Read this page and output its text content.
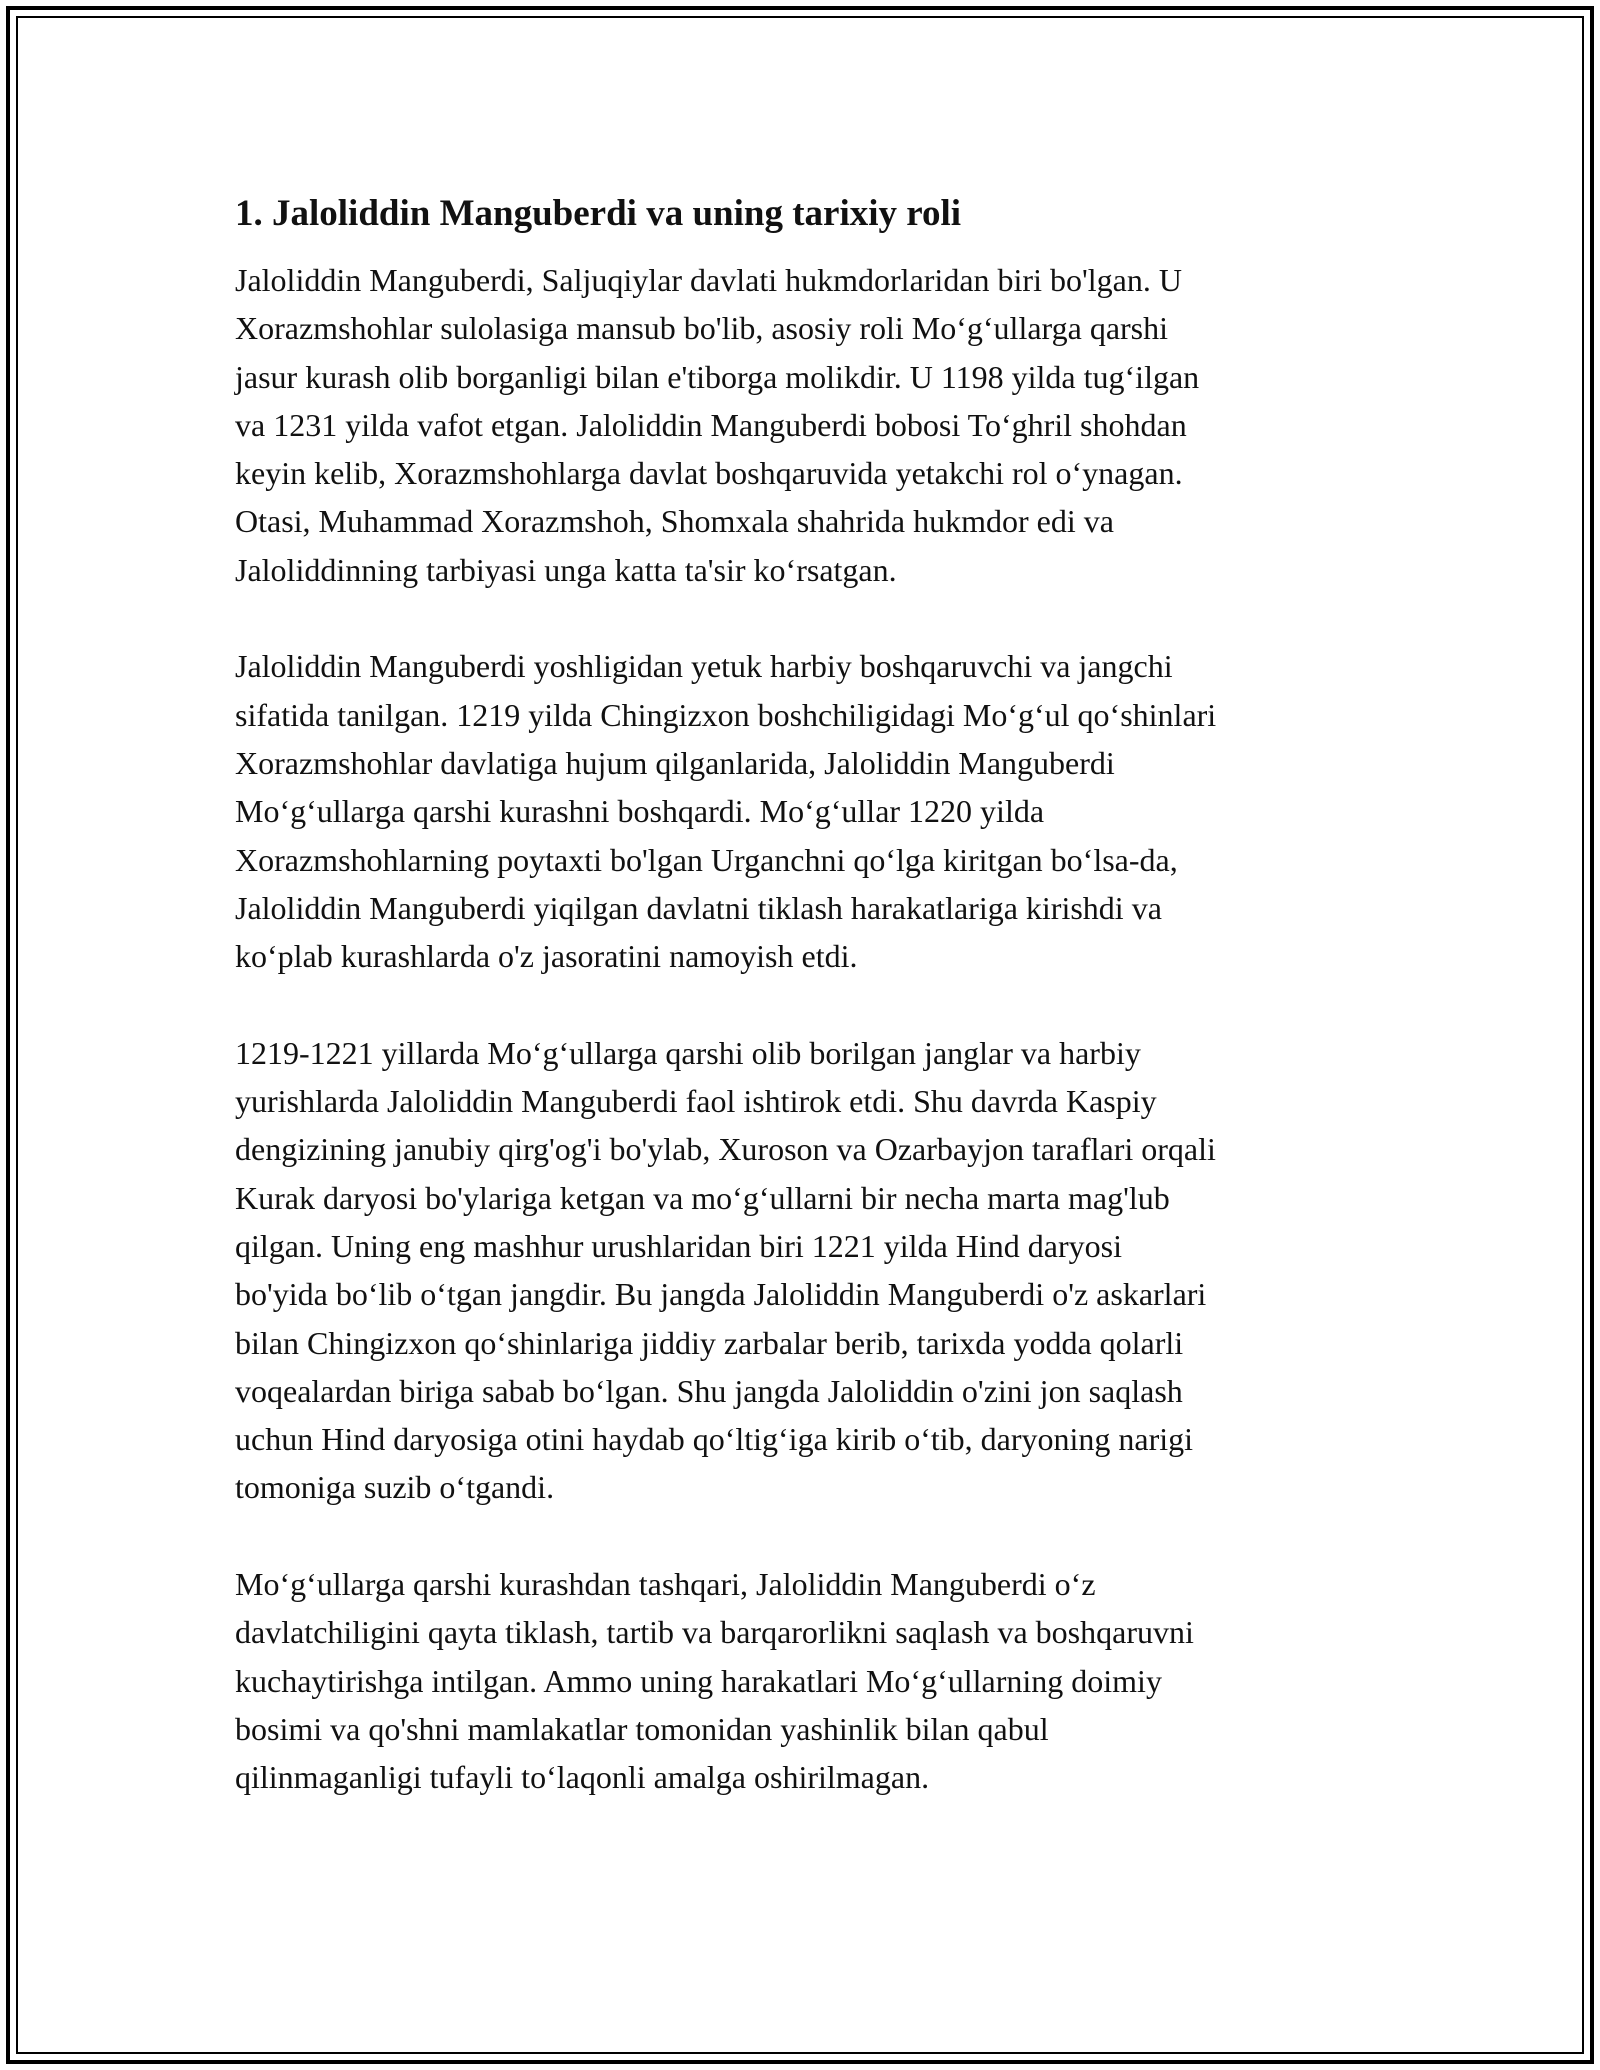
1. Jaloliddin Manguberdi va uning tarixiy roli

Jaloliddin Manguberdi, Saljuqiylar davlati hukmdorlaridan biri bo'lgan. U
Xorazmshohlar sulolasiga mansub bo'lib, asosiy roli Mo‘g‘ullarga qarshi
jasur kurash olib borganligi bilan e'tiborga molikdir. U 1198 yilda tug‘ilgan
va 1231 yilda vafot etgan. Jaloliddin Manguberdi bobosi To‘ghril shohdan
keyin kelib, Xorazmshohlarga davlat boshqaruvida yetakchi rol o‘ynagan.
Otasi, Muhammad Xorazmshoh, Shomxala shahrida hukmdor edi va
Jaloliddinning tarbiyasi unga katta ta'sir ko‘rsatgan.

Jaloliddin Manguberdi yoshligidan yetuk harbiy boshqaruvchi va jangchi
sifatida tanilgan. 1219 yilda Chingizxon boshchiligidagi Mo‘g‘ul qo‘shinlari
Xorazmshohlar davlatiga hujum qilganlarida, Jaloliddin Manguberdi
Mo‘g‘ullarga qarshi kurashni boshqardi. Mo‘g‘ullar 1220 yilda
Xorazmshohlarning poytaxti bo'lgan Urganchni qo‘lga kiritgan bo‘lsa-da,
Jaloliddin Manguberdi yiqilgan davlatni tiklash harakatlariga kirishdi va
ko‘plab kurashlarda o'z jasoratini namoyish etdi.

1219-1221 yillarda Mo‘g‘ullarga qarshi olib borilgan janglar va harbiy
yurishlarda Jaloliddin Manguberdi faol ishtirok etdi. Shu davrda Kaspiy
dengizining janubiy qirg'og'i bo'ylab, Xuroson va Ozarbayjon taraflari orqali
Kurak daryosi bo'ylariga ketgan va mo‘g‘ullarni bir necha marta mag'lub
qilgan. Uning eng mashhur urushlaridan biri 1221 yilda Hind daryosi
bo'yida bo‘lib o‘tgan jangdir. Bu jangda Jaloliddin Manguberdi o'z askarlari
bilan Chingizxon qo‘shinlariga jiddiy zarbalar berib, tarixda yodda qolarli
voqealardan biriga sabab bo‘lgan. Shu jangda Jaloliddin o'zini jon saqlash
uchun Hind daryosiga otini haydab qo‘ltig‘iga kirib o‘tib, daryoning narigi
tomoniga suzib o‘tgandi.

Mo‘g‘ullarga qarshi kurashdan tashqari, Jaloliddin Manguberdi o‘z
davlatchiligini qayta tiklash, tartib va barqarorlikni saqlash va boshqaruvni
kuchaytirishga intilgan. Ammo uning harakatlari Mo‘g‘ullarning doimiy
bosimi va qo'shni mamlakatlar tomonidan yashinlik bilan qabul
qilinmaganligi tufayli to‘laqonli amalga oshirilmagan.
